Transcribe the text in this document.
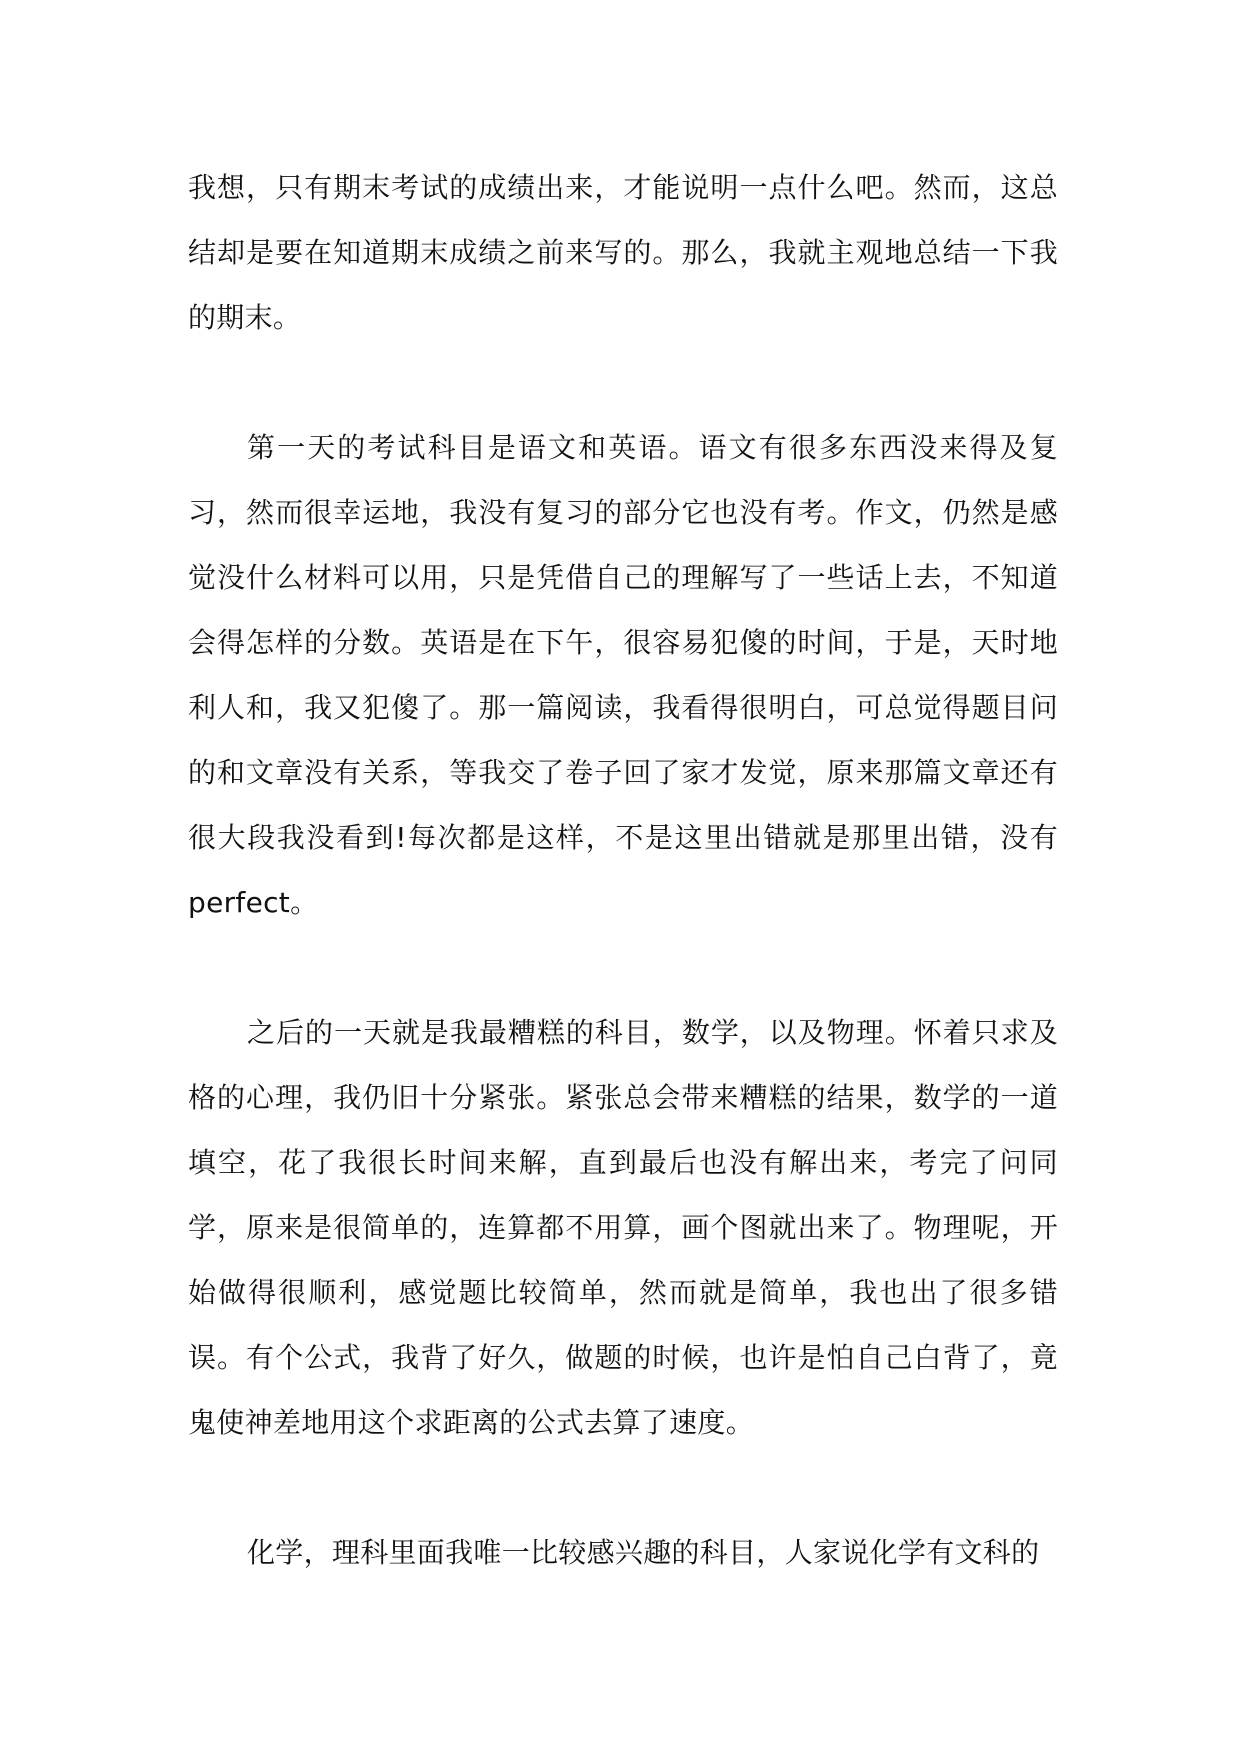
我想，只有期末考试的成绩出来，才能说明一点什么吧。然而，这总结却是要在知道期末成绩之前来写的。那么，我就主观地总结一下我的期末。

第一天的考试科目是语文和英语。语文有很多东西没来得及复习，然而很幸运地，我没有复习的部分它也没有考。作文，仍然是感觉没什么材料可以用，只是凭借自己的理解写了一些话上去，不知道会得怎样的分数。英语是在下午，很容易犯傻的时间，于是，天时地利人和，我又犯傻了。那一篇阅读，我看得很明白，可总觉得题目问的和文章没有关系，等我交了卷子回了家才发觉，原来那篇文章还有很大段我没看到!每次都是这样，不是这里出错就是那里出错，没有perfect。

之后的一天就是我最糟糕的科目，数学，以及物理。怀着只求及格的心理，我仍旧十分紧张。紧张总会带来糟糕的结果，数学的一道填空，花了我很长时间来解，直到最后也没有解出来，考完了问同学，原来是很简单的，连算都不用算，画个图就出来了。物理呢，开始做得很顺利，感觉题比较简单，然而就是简单，我也出了很多错误。有个公式，我背了好久，做题的时候，也许是怕自己白背了，竟鬼使神差地用这个求距离的公式去算了速度。

化学，理科里面我唯一比较感兴趣的科目，人家说化学有文科的
